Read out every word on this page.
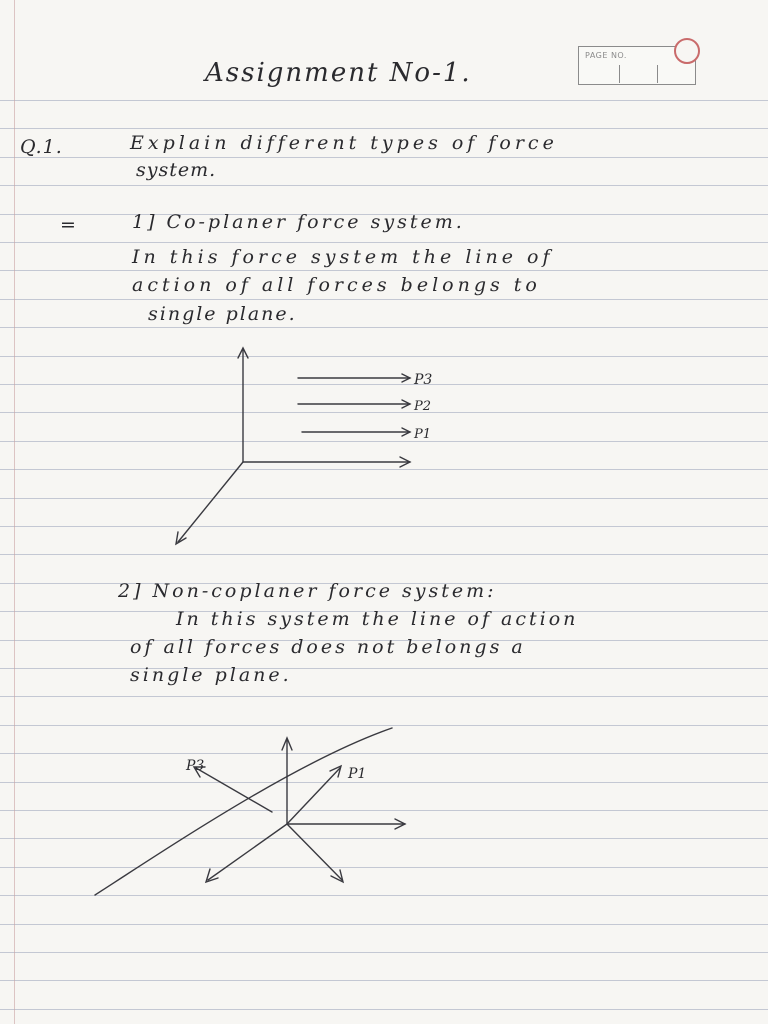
PAGE NO.
Assignment No-1.
Q.1.	Explain different types of force
system.
=	1] Co-planer force system.
In this force system the line of
action of all forces belongs to
single plane.
P3
P2
P1
P3	P1
2] Non-coplaner force system:
In this system the line of action
of all forces does not belongs a
single plane.
